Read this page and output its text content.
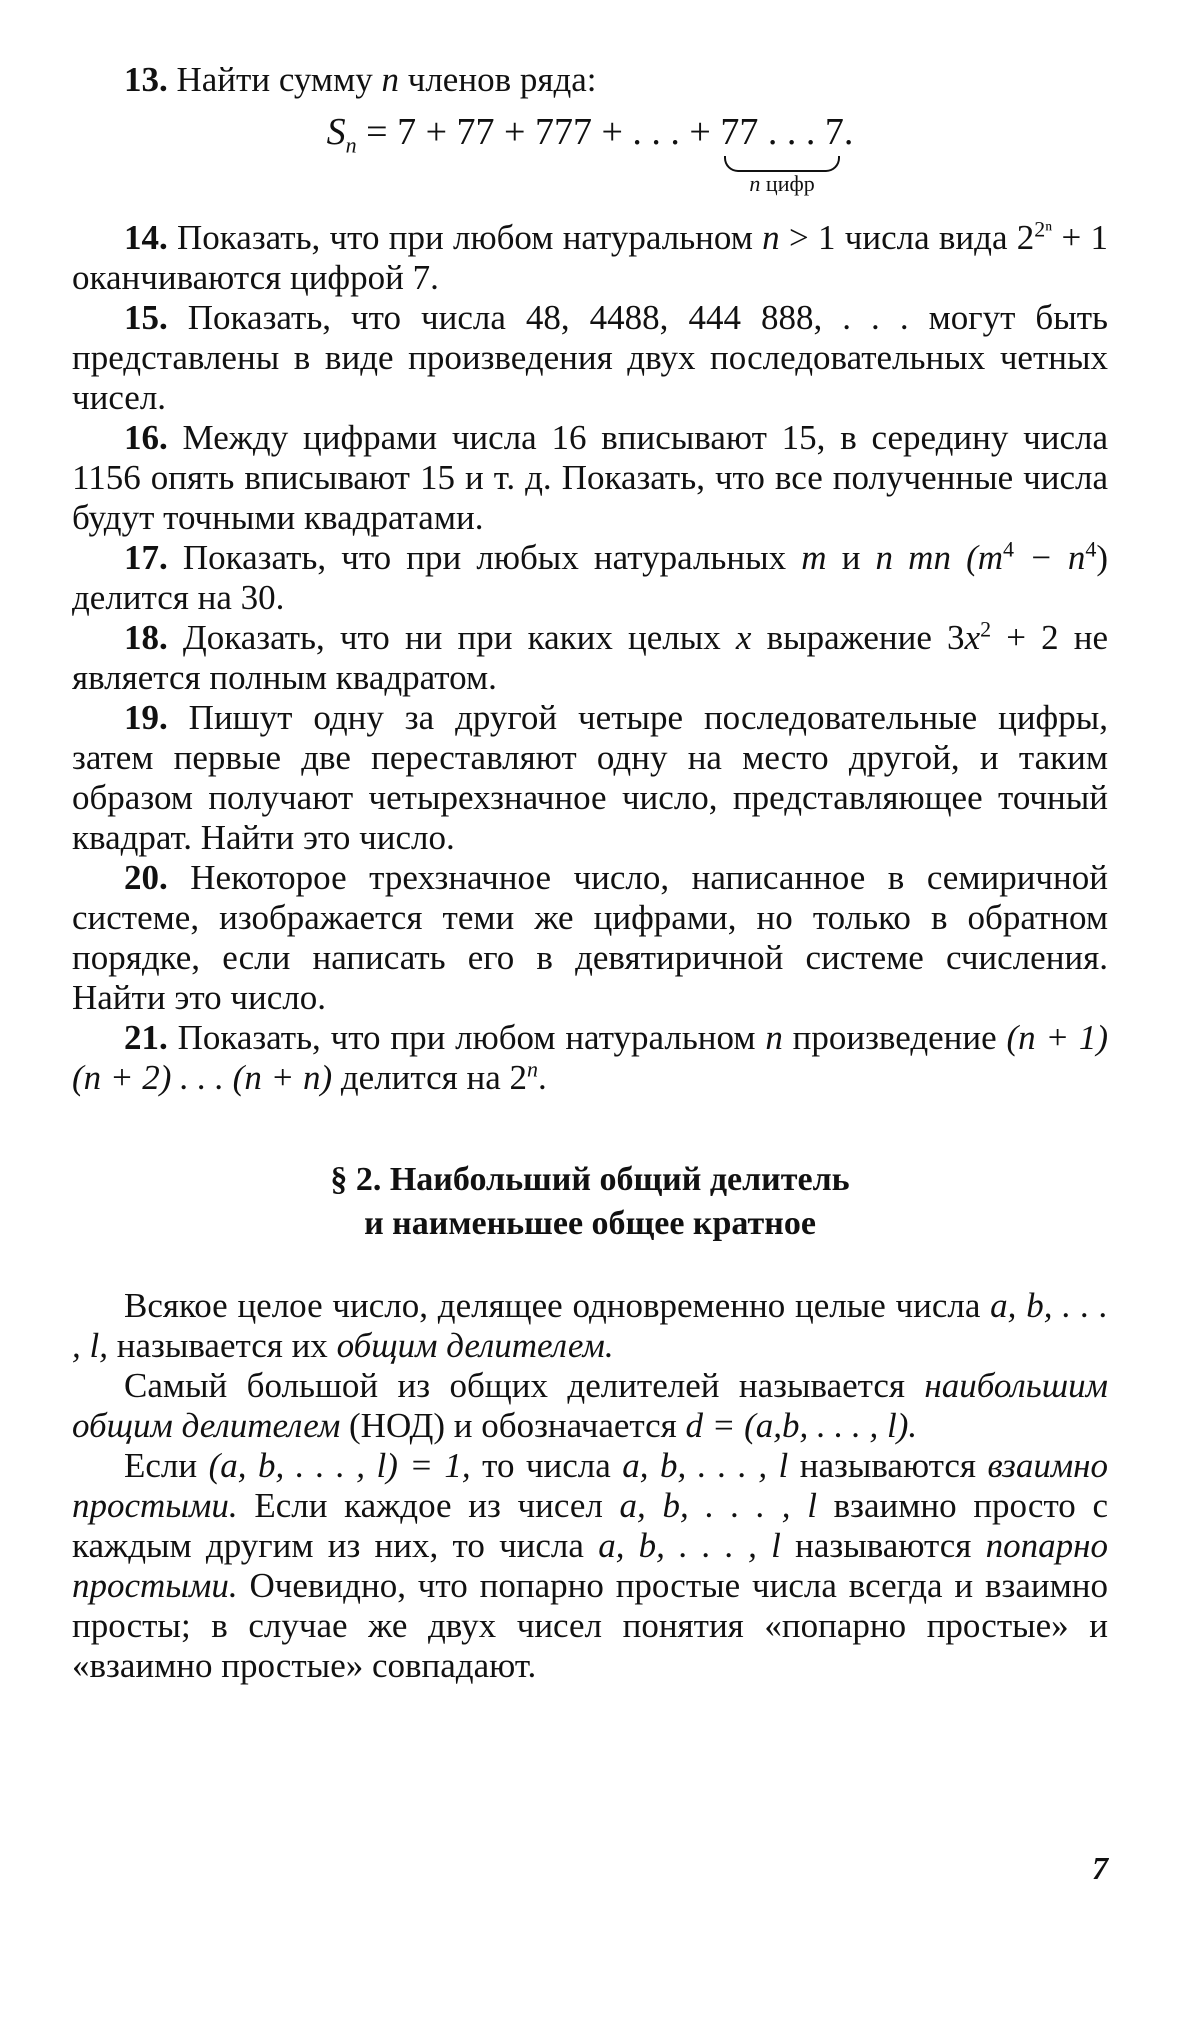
13. Найти сумму n членов ряда:

$S_n = 7 + 77 + 777$ + . . . + 77 . . . 7
n цифр
.

14. Показать, что при любом натуральном n > 1 числа вида $2^{2^n} + 1$ оканчиваются цифрой 7.

15. Показать, что числа 48, 4488, 444 888, . . . могут быть представлены в виде произведения двух последовательных четных чисел.

16. Между цифрами числа 16 вписывают 15, в середину числа 1156 опять вписывают 15 и т. д. Показать, что все полученные числа будут точными квадратами.

17. Показать, что при любых натуральных m и n mn $(m^4 - n^4)$ делится на 30.

18. Доказать, что ни при каких целых x выражение $3x^2 + 2$ не является полным квадратом.

19. Пишут одну за другой четыре последовательные цифры, затем первые две переставляют одну на место другой, и таким образом получают четырехзначное число, представляющее точный квадрат. Найти это число.

20. Некоторое трехзначное число, написанное в семиричной системе, изображается теми же цифрами, но только в обратном порядке, если написать его в девятиричной системе счисления. Найти это число.

21. Показать, что при любом натуральном n произведение (n + 1) (n + 2) . . . (n + n) делится на 2$^n$.

§ 2. Наибольший общий делитель
и наименьшее общее кратное

Всякое целое число, делящее одновременно целые числа a, b, . . . , l, называется их общим делителем.

Самый большой из общих делителей называется наибольшим общим делителем (НОД) и обозначается d = (a,b, . . . , l).

Если (a, b, . . . , l) = 1, то числа a, b, . . . , l называются взаимно простыми. Если каждое из чисел a, b, . . . , l взаимно просто с каждым другим из них, то числа a, b, . . . , l называются попарно простыми. Очевидно, что попарно простые числа всегда и взаимно просты; в случае же двух чисел понятия «попарно простые» и «взаимно простые» совпадают.

7
